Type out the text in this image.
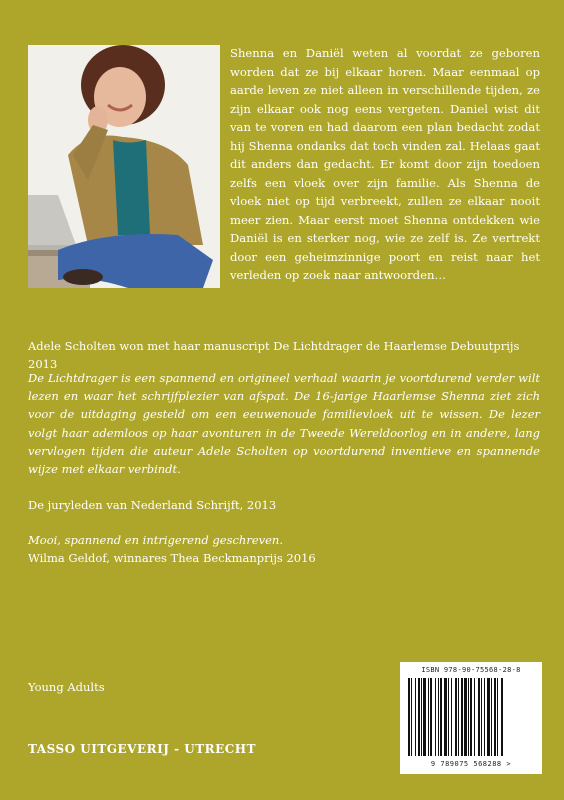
Shenna en Daniël weten al voordat ze geboren worden dat ze bij elkaar horen. Maar eenmaal op aarde leven ze niet alleen in verschillende tijden, ze zijn elkaar ook nog eens vergeten. Daniel wist dit van te voren en had daarom een plan bedacht zodat hij Shenna ondanks dat toch vinden zal. Helaas gaat dit anders dan gedacht. Er komt door zijn toedoen zelfs een vloek over zijn familie. Als Shenna de vloek niet op tijd verbreekt, zullen ze elkaar nooit meer zien. Maar eerst moet Shenna ontdekken wie Daniël is en sterker nog, wie ze zelf is. Ze vertrekt door een geheimzinnige poort en reist naar het verleden op zoek naar antwoorden…
Adele Scholten won met haar manuscript De Lichtdrager de Haarlemse Debuutprijs 2013
De Lichtdrager is een spannend en origineel verhaal waarin je voortdurend verder wilt lezen en waar het schrijfplezier van afspat. De 16-jarige Haarlemse Shenna ziet zich voor de uitdaging gesteld om een eeuwenoude familievloek uit te wissen. De lezer volgt haar ademloos op haar avonturen in de Tweede Wereldoorlog en in andere, lang vervlogen tijden die auteur Adele Scholten op voortdurend inventieve en spannende wijze met elkaar verbindt.
De juryleden van Nederland Schrijft, 2013
Mooi, spannend en intrigerend geschreven.
Wilma Geldof, winnares Thea Beckmanprijs 2016
Young Adults
TASSO UITGEVERIJ - UTRECHT
ISBN 978-90-75568-28-8
9 789075 568288 >
